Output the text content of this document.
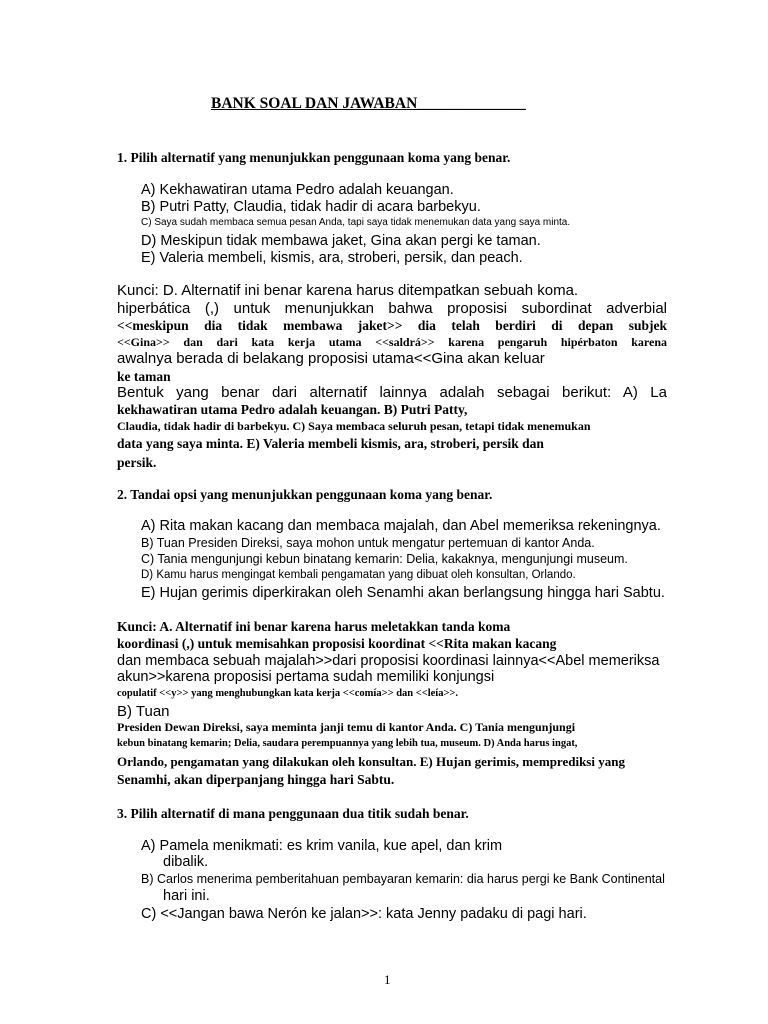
BANK SOAL DAN JAWABAN______________
1. Pilih alternatif yang menunjukkan penggunaan koma yang benar.
A) Kekhawatiran utama Pedro adalah keuangan.
B) Putri Patty, Claudia, tidak hadir di acara barbekyu.
C) Saya sudah membaca semua pesan Anda, tapi saya tidak menemukan data yang saya minta.
D) Meskipun tidak membawa jaket, Gina akan pergi ke taman.
E) Valeria membeli, kismis, ara, stroberi, persik, dan peach.
Kunci: D. Alternatif ini benar karena harus ditempatkan sebuah koma.
hiperbática (,) untuk menunjukkan bahwa proposisi subordinat adverbial
<<meskipun dia tidak membawa jaket>> dia telah berdiri di depan subjek
<<Gina>> dan dari kata kerja utama <<saldrá>> karena pengaruh hipérbaton karena
awalnya berada di belakang proposisi utama<<Gina akan keluar
ke taman
Bentuk yang benar dari alternatif lainnya adalah sebagai berikut: A) La
kekhawatiran utama Pedro adalah keuangan. B) Putri Patty,
Claudia, tidak hadir di barbekyu. C) Saya membaca seluruh pesan, tetapi tidak menemukan
data yang saya minta. E) Valeria membeli kismis, ara, stroberi, persik dan
persik.
2. Tandai opsi yang menunjukkan penggunaan koma yang benar.
A) Rita makan kacang dan membaca majalah, dan Abel memeriksa rekeningnya.
B) Tuan Presiden Direksi, saya mohon untuk mengatur pertemuan di kantor Anda.
C) Tania mengunjungi kebun binatang kemarin: Delia, kakaknya, mengunjungi museum.
D) Kamu harus mengingat kembali pengamatan yang dibuat oleh konsultan, Orlando.
E) Hujan gerimis diperkirakan oleh Senamhi akan berlangsung hingga hari Sabtu.
Kunci: A. Alternatif ini benar karena harus meletakkan tanda koma
koordinasi (,) untuk memisahkan proposisi koordinat <<Rita makan kacang
dan membaca sebuah majalah>>dari proposisi koordinasi lainnya<<Abel memeriksa
akun>>karena proposisi pertama sudah memiliki konjungsi
copulatif <<y>> yang menghubungkan kata kerja <<comía>> dan <<leía>>.
B) Tuan
Presiden Dewan Direksi, saya meminta janji temu di kantor Anda. C) Tania mengunjungi
kebun binatang kemarin; Delia, saudara perempuannya yang lebih tua, museum. D) Anda harus ingat,
Orlando, pengamatan yang dilakukan oleh konsultan. E) Hujan gerimis, memprediksi yang
Senamhi, akan diperpanjang hingga hari Sabtu.
3. Pilih alternatif di mana penggunaan dua titik sudah benar.
A) Pamela menikmati: es krim vanila, kue apel, dan krim
dibalik.
B) Carlos menerima pemberitahuan pembayaran kemarin: dia harus pergi ke Bank Continental
hari ini.
C) <<Jangan bawa Nerón ke jalan>>: kata Jenny padaku di pagi hari.
1
